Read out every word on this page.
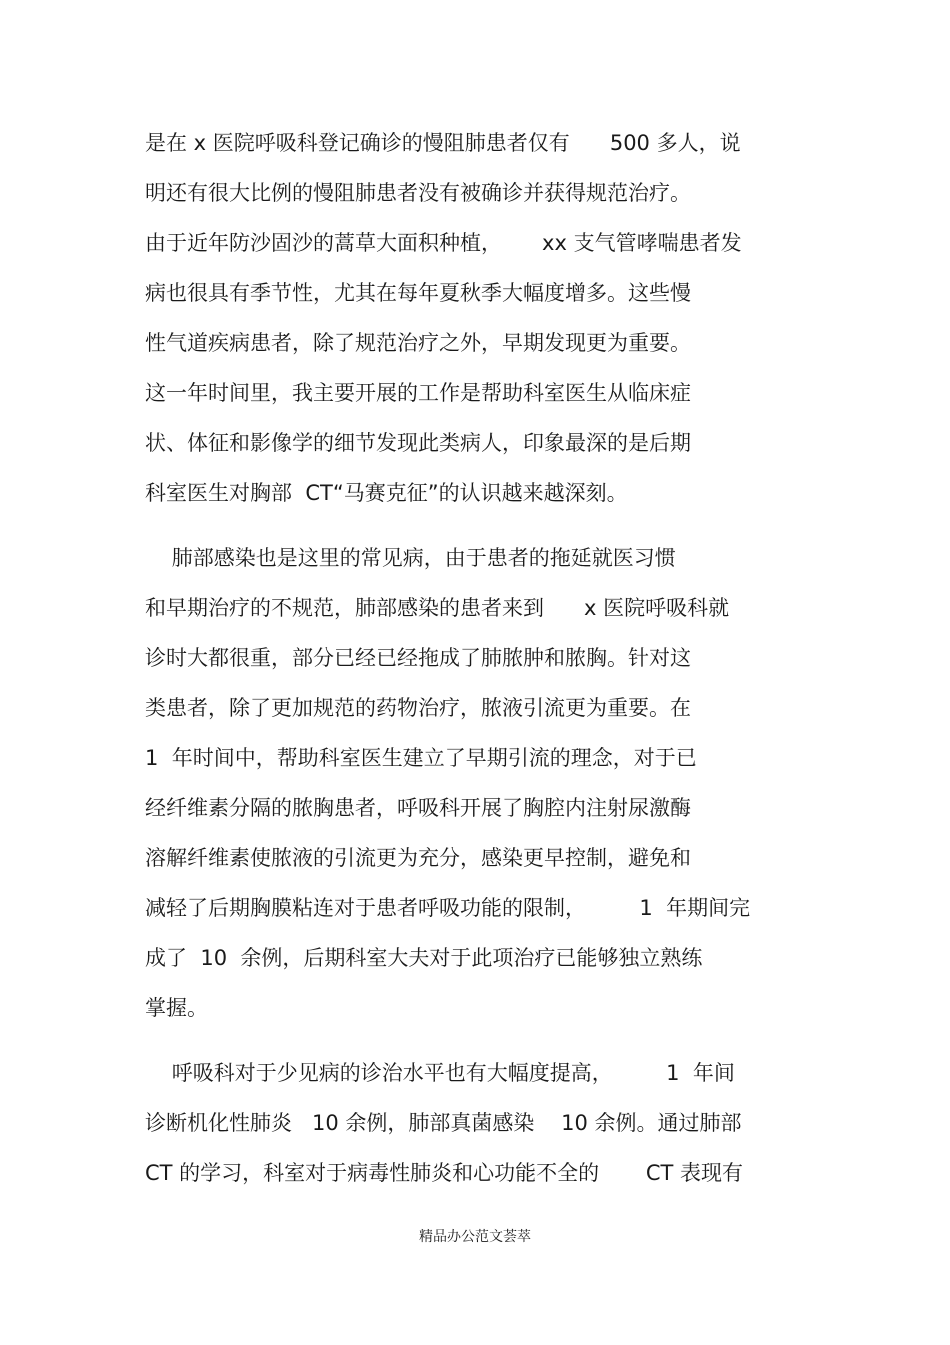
是在 x 医院呼吸科登记确诊的慢阻肺患者仅有      500 多人，说
明还有很大比例的慢阻肺患者没有被确诊并获得规范治疗。
由于近年防沙固沙的蒿草大面积种植，      xx 支气管哮喘患者发
病也很具有季节性，尤其在每年夏秋季大幅度增多。这些慢
性气道疾病患者，除了规范治疗之外，早期发现更为重要。
这一年时间里，我主要开展的工作是帮助科室医生从临床症
状、体征和影像学的细节发现此类病人，印象最深的是后期
科室医生对胸部  CT“马赛克征”的认识越来越深刻。
肺部感染也是这里的常见病，由于患者的拖延就医习惯
和早期治疗的不规范，肺部感染的患者来到      x 医院呼吸科就
诊时大都很重，部分已经已经拖成了肺脓肿和脓胸。针对这
类患者，除了更加规范的药物治疗，脓液引流更为重要。在
1  年时间中，帮助科室医生建立了早期引流的理念，对于已
经纤维素分隔的脓胸患者，呼吸科开展了胸腔内注射尿激酶
溶解纤维素使脓液的引流更为充分，感染更早控制，避免和
减轻了后期胸膜粘连对于患者呼吸功能的限制，        1  年期间完
成了  10  余例，后期科室大夫对于此项治疗已能够独立熟练
掌握。
呼吸科对于少见病的诊治水平也有大幅度提高，        1  年间
诊断机化性肺炎   10 余例，肺部真菌感染    10 余例。通过肺部
CT 的学习，科室对于病毒性肺炎和心功能不全的       CT 表现有
精品办公范文荟萃
